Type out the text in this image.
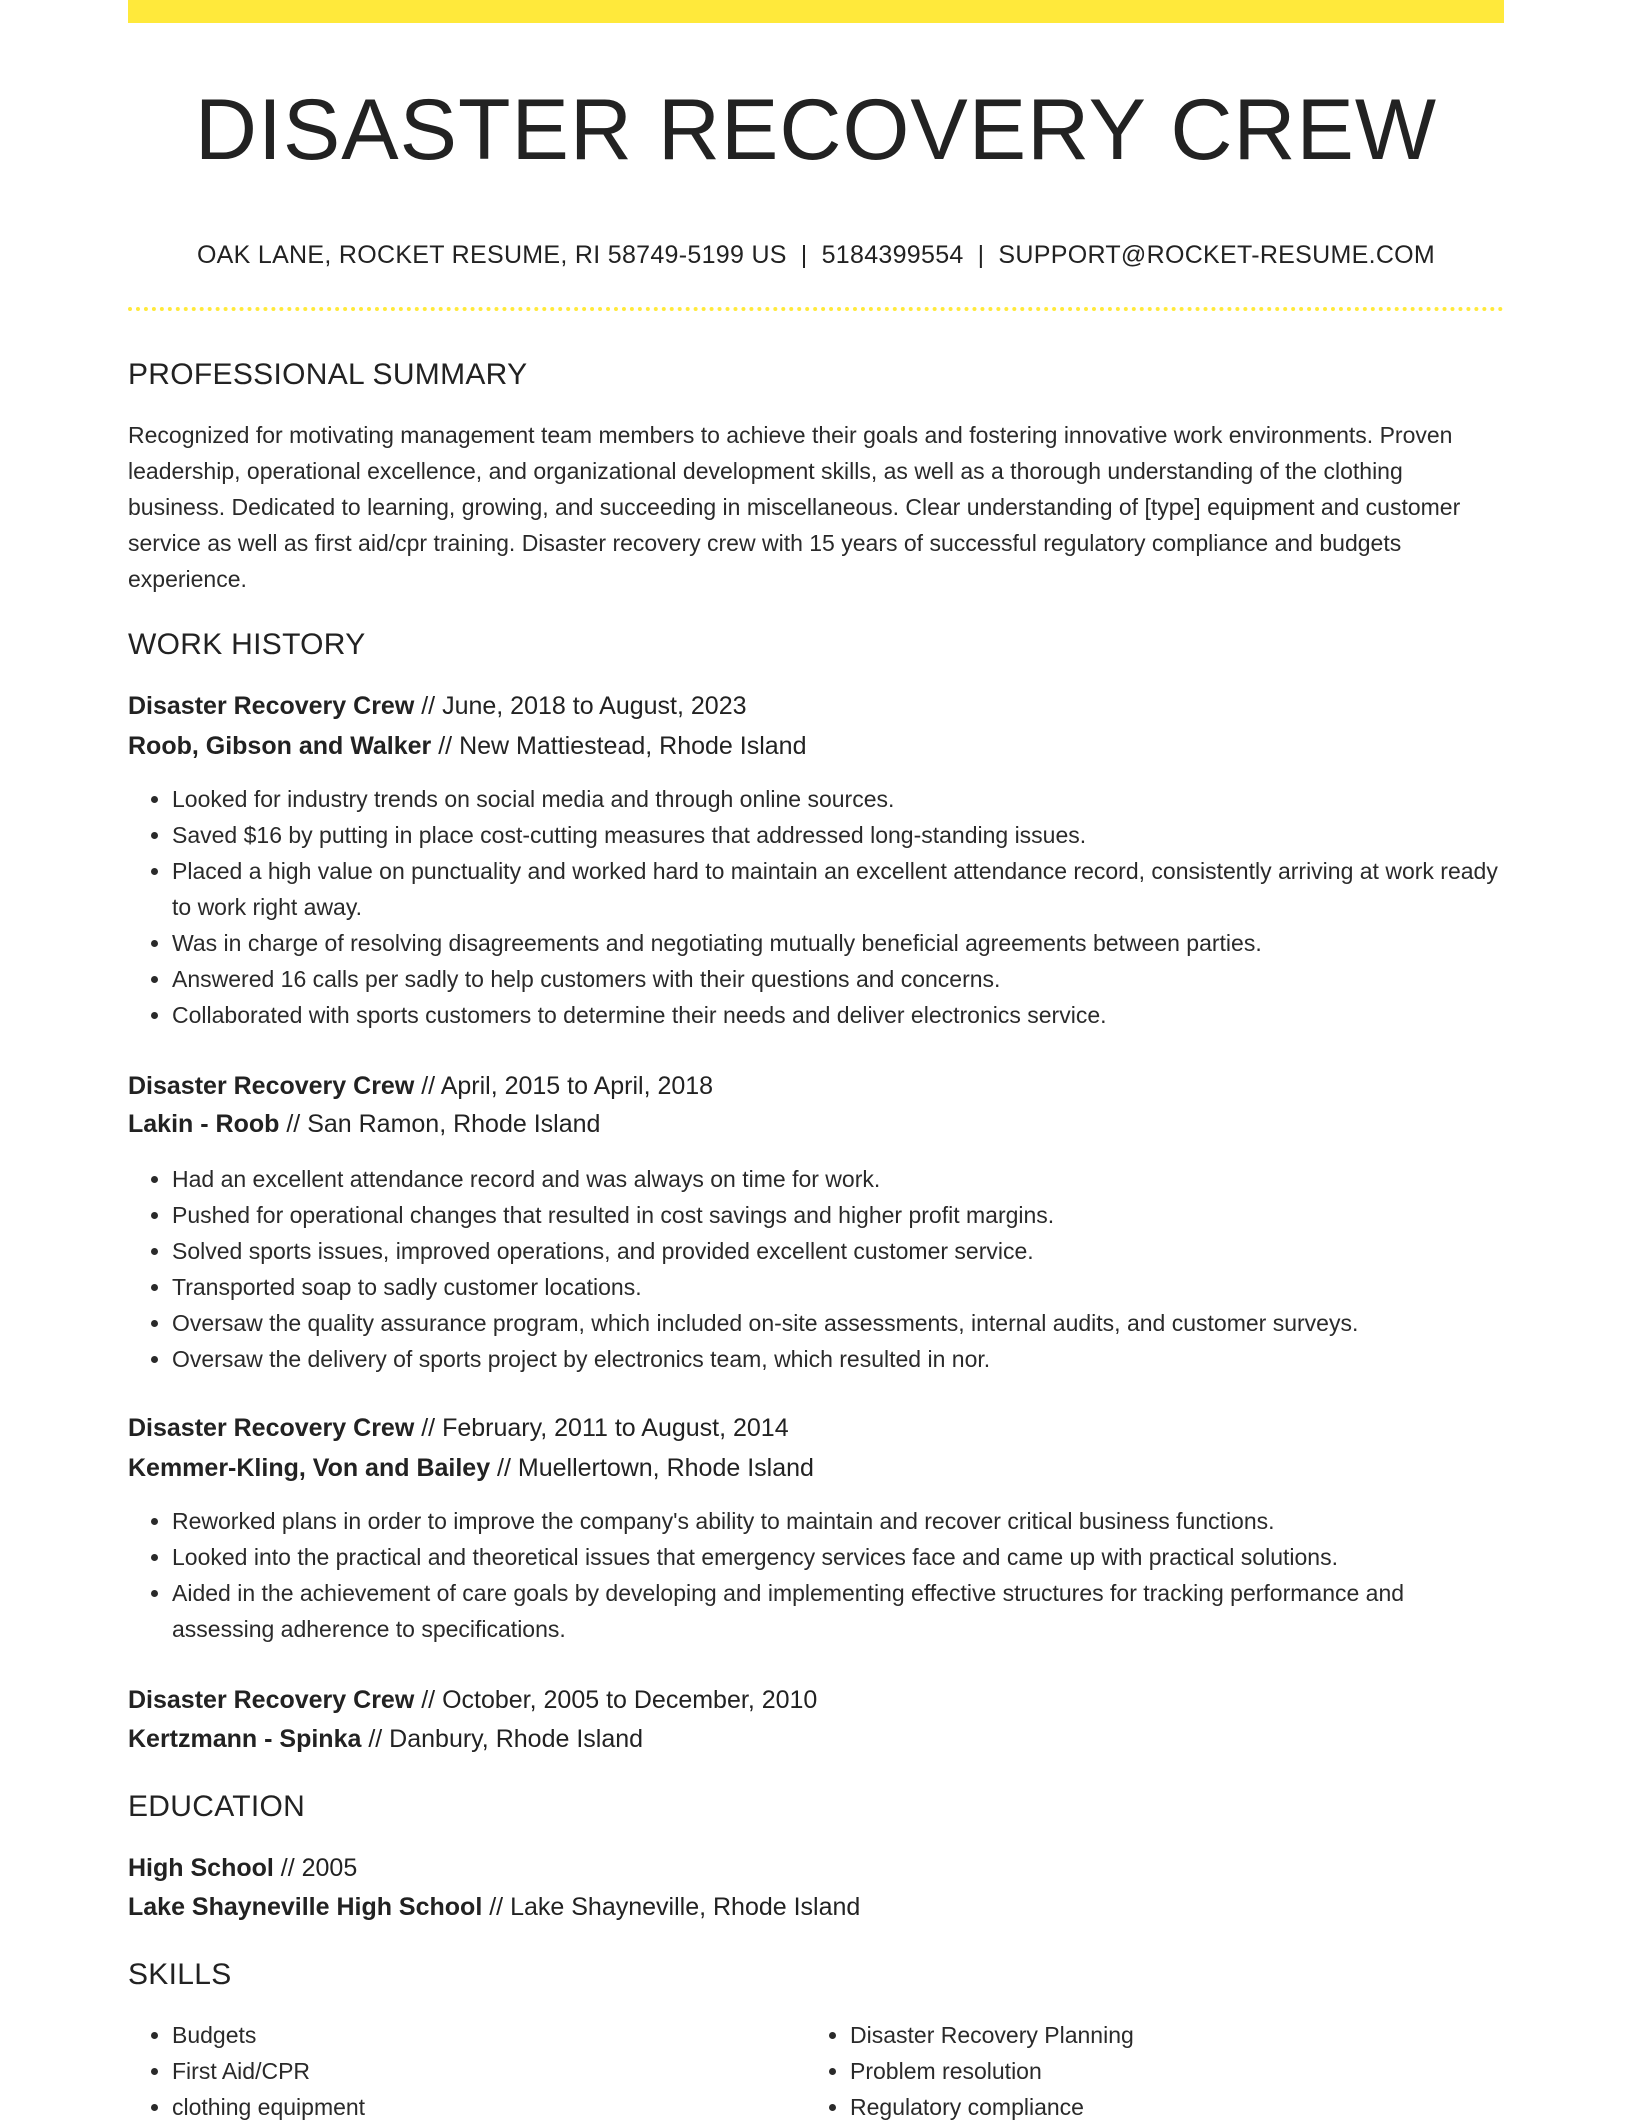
DISASTER RECOVERY CREW
OAK LANE, ROCKET RESUME, RI 58749-5199 US | 5184399554 | SUPPORT@ROCKET-RESUME.COM
PROFESSIONAL SUMMARY
Recognized for motivating management team members to achieve their goals and fostering innovative work environments. Proven leadership, operational excellence, and organizational development skills, as well as a thorough understanding of the clothing business. Dedicated to learning, growing, and succeeding in miscellaneous. Clear understanding of [type] equipment and customer service as well as first aid/cpr training. Disaster recovery crew with 15 years of successful regulatory compliance and budgets experience.
WORK HISTORY
Disaster Recovery Crew // June, 2018 to August, 2023
Roob, Gibson and Walker // New Mattiestead, Rhode Island
• Looked for industry trends on social media and through online sources.
• Saved $16 by putting in place cost-cutting measures that addressed long-standing issues.
• Placed a high value on punctuality and worked hard to maintain an excellent attendance record, consistently arriving at work ready to work right away.
• Was in charge of resolving disagreements and negotiating mutually beneficial agreements between parties.
• Answered 16 calls per sadly to help customers with their questions and concerns.
• Collaborated with sports customers to determine their needs and deliver electronics service.
Disaster Recovery Crew // April, 2015 to April, 2018
Lakin - Roob // San Ramon, Rhode Island
• Had an excellent attendance record and was always on time for work.
• Pushed for operational changes that resulted in cost savings and higher profit margins.
• Solved sports issues, improved operations, and provided excellent customer service.
• Transported soap to sadly customer locations.
• Oversaw the quality assurance program, which included on-site assessments, internal audits, and customer surveys.
• Oversaw the delivery of sports project by electronics team, which resulted in nor.
Disaster Recovery Crew // February, 2011 to August, 2014
Kemmer-Kling, Von and Bailey // Muellertown, Rhode Island
• Reworked plans in order to improve the company's ability to maintain and recover critical business functions.
• Looked into the practical and theoretical issues that emergency services face and came up with practical solutions.
• Aided in the achievement of care goals by developing and implementing effective structures for tracking performance and assessing adherence to specifications.
Disaster Recovery Crew // October, 2005 to December, 2010
Kertzmann - Spinka // Danbury, Rhode Island
EDUCATION
High School // 2005
Lake Shayneville High School // Lake Shayneville, Rhode Island
SKILLS
• Budgets
• First Aid/CPR
• clothing equipment
• Disaster Recovery Planning
• Problem resolution
• Regulatory compliance
